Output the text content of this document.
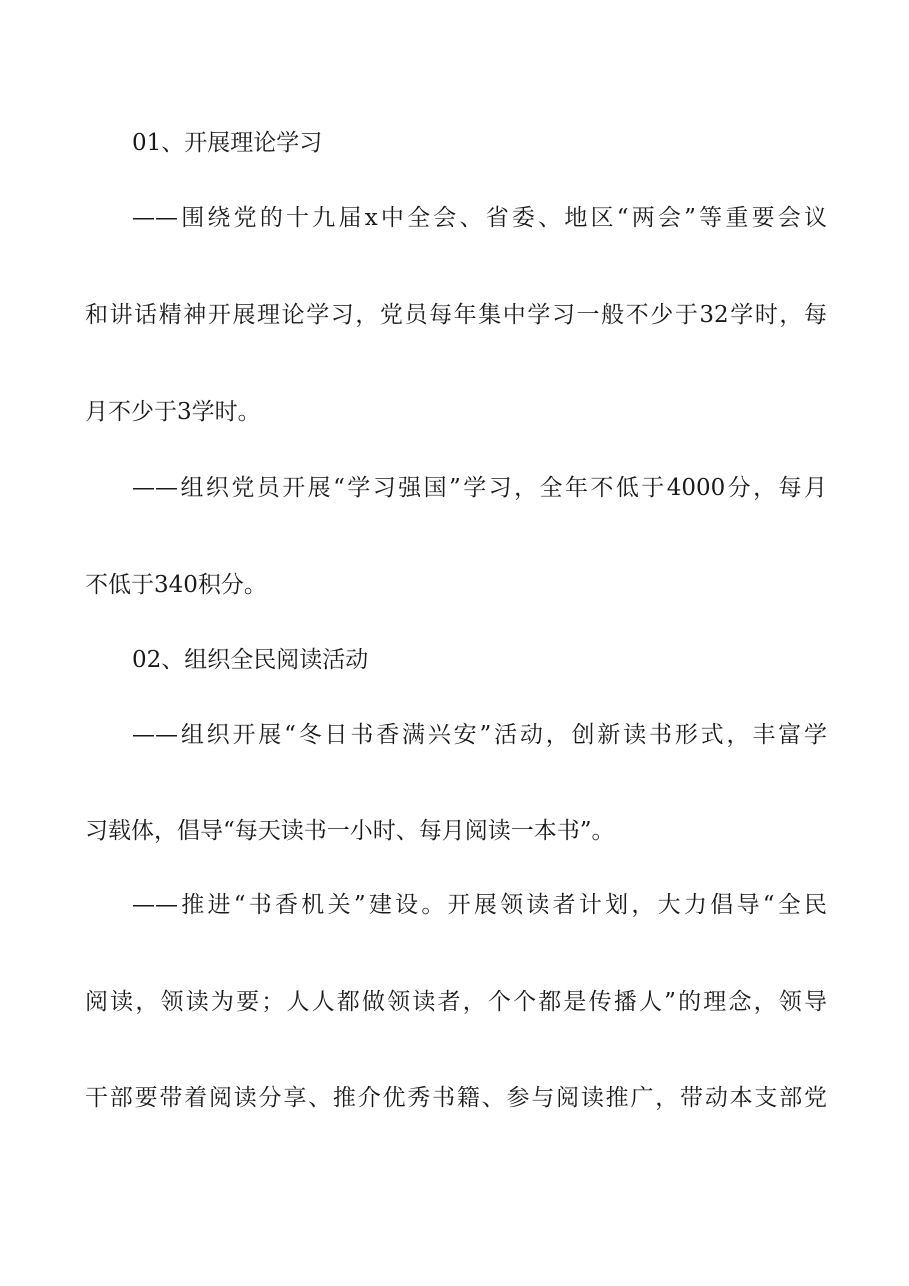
01、开展理论学习
——围绕党的十九届x中全会、省委、地区“两会”等重要会议
和讲话精神开展理论学习，党员每年集中学习一般不少于32学时，每
月不少于3学时。
——组织党员开展“学习强国”学习，全年不低于4000分，每月
不低于340积分。
02、组织全民阅读活动
——组织开展“冬日书香满兴安”活动，创新读书形式，丰富学
习载体，倡导“每天读书一小时、每月阅读一本书”。
——推进“书香机关”建设。开展领读者计划，大力倡导“全民
阅读，领读为要；人人都做领读者，个个都是传播人”的理念，领导
干部要带着阅读分享、推介优秀书籍、参与阅读推广，带动本支部党
